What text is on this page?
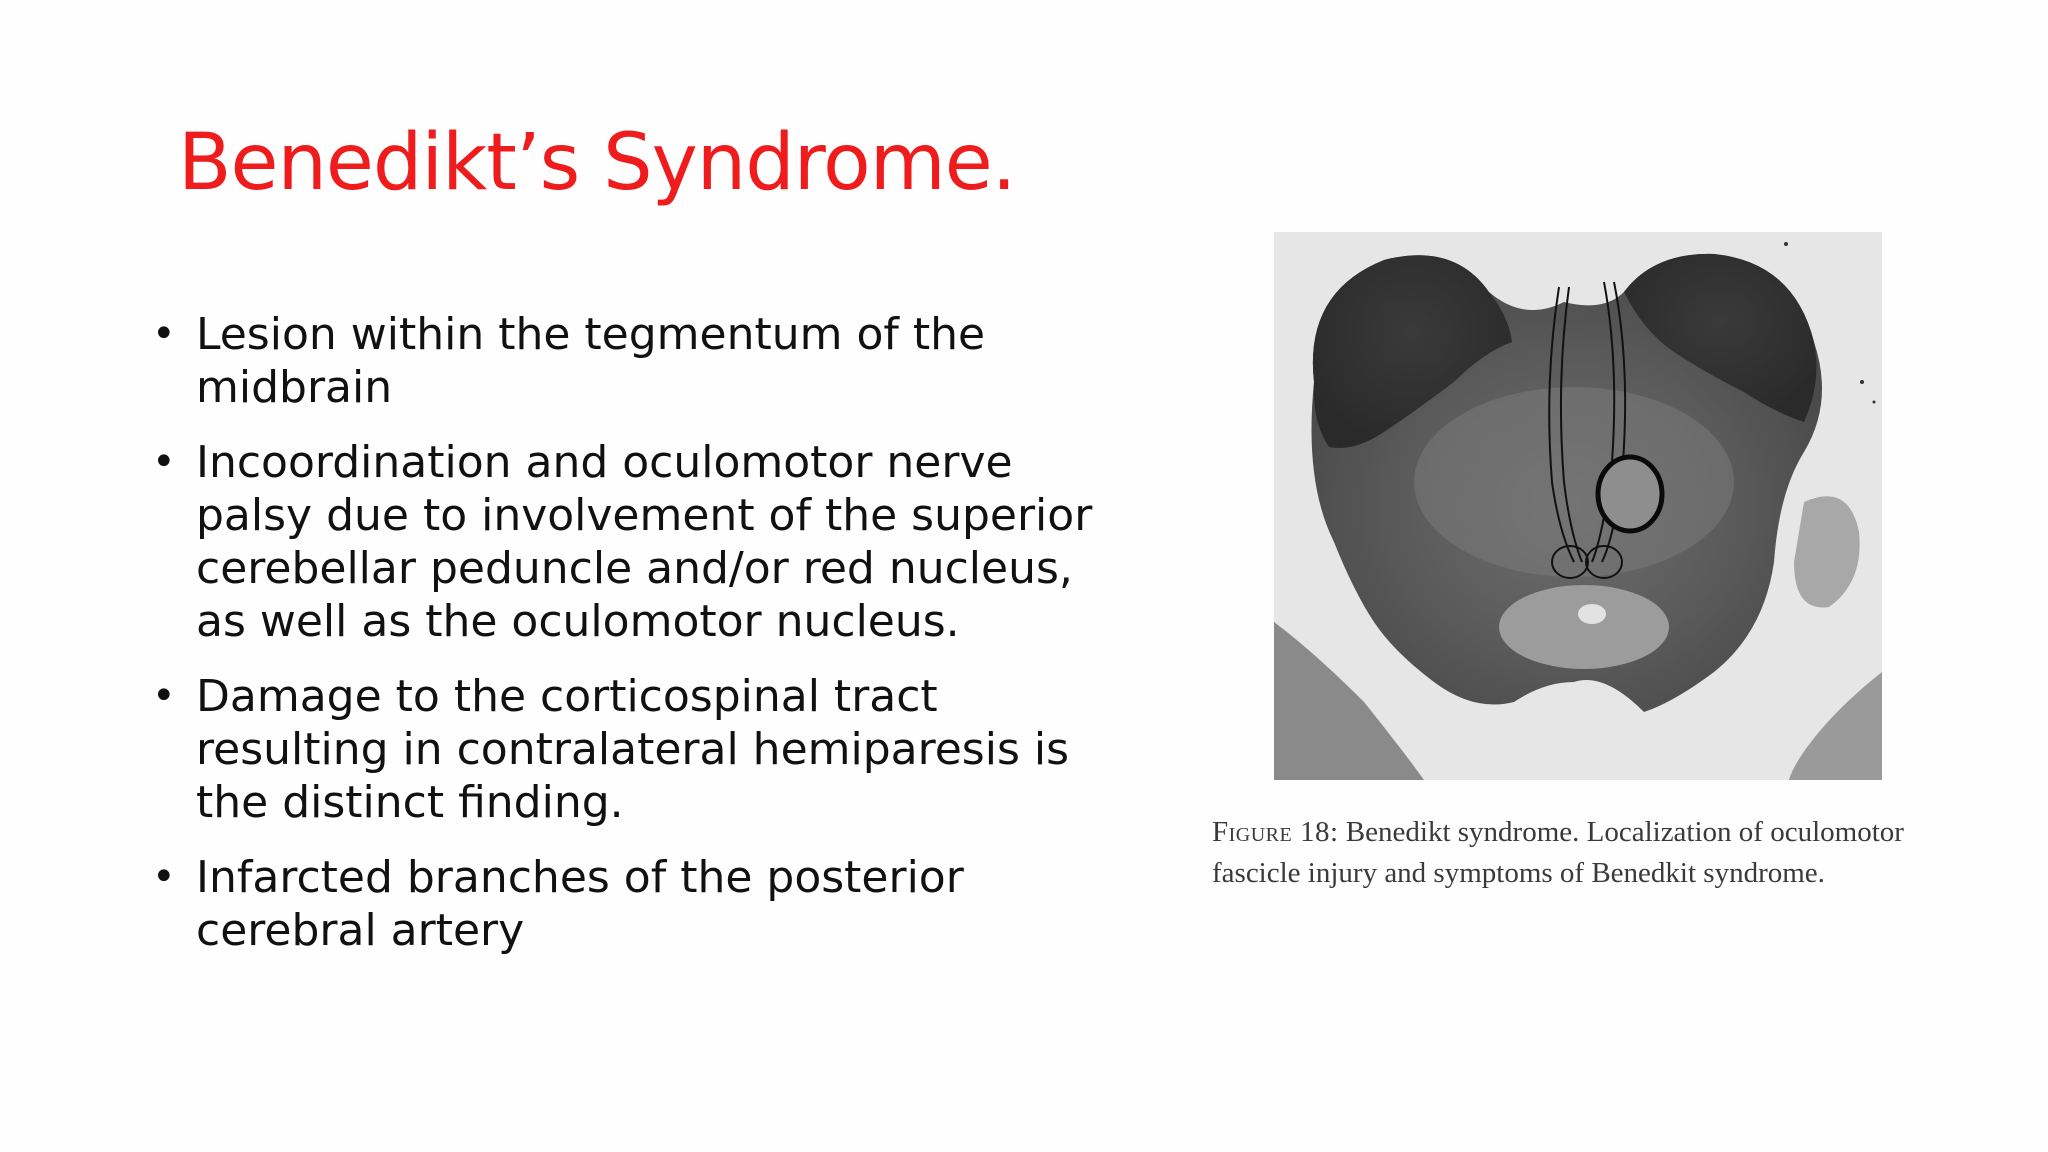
Benedikt’s Syndrome.
• Lesion within the tegmentum of the midbrain
• Incoordination and oculomotor nerve palsy due to involvement of the superior cerebellar peduncle and/or red nucleus, as well as the oculomotor nucleus.
• Damage to the corticospinal tract resulting in contralateral hemiparesis is the distinct finding.
• Infarcted branches of the posterior cerebral artery
Figure 18: Benedikt syndrome. Localization of oculomotor fascicle injury and symptoms of Benedkit syndrome.
